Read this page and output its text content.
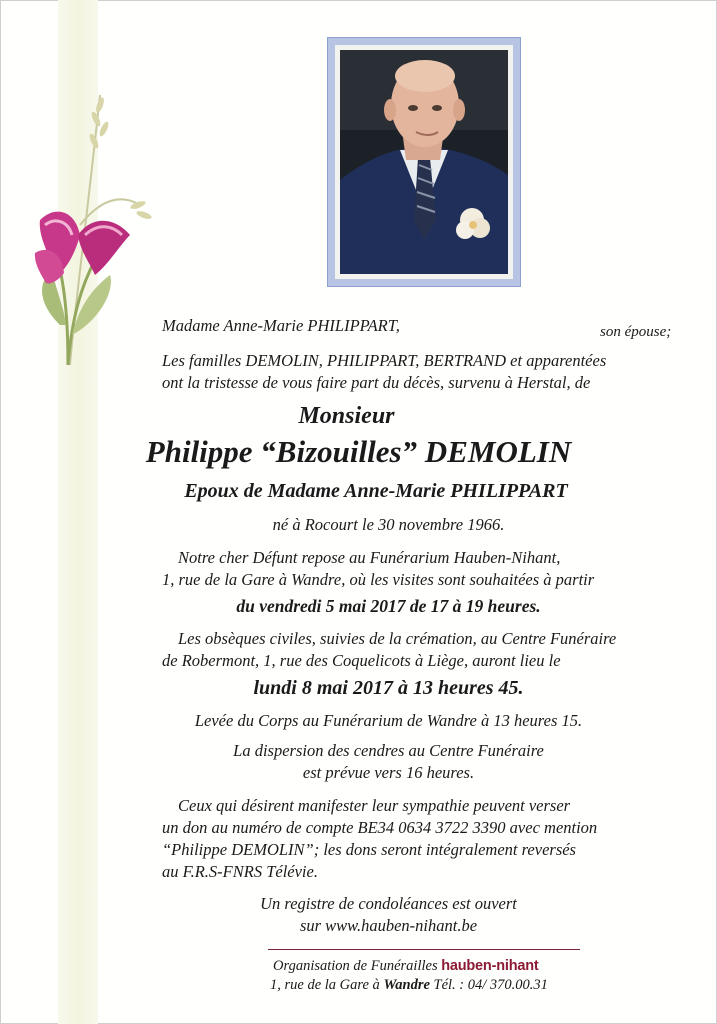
Madame Anne-Marie PHILIPPART,	son épouse;
Les familles DEMOLIN, PHILIPPART, BERTRAND et apparentées
ont la tristesse de vous faire part du décès, survenu à Herstal, de
Monsieur
Philippe “Bizouilles” DEMOLIN
Epoux de Madame Anne-Marie PHILIPPART
né à Rocourt le 30 novembre 1966.
Notre cher Défunt repose au Funérarium Hauben-Nihant,
1, rue de la Gare à Wandre, où les visites sont souhaitées à partir
du vendredi 5 mai 2017 de 17 à 19 heures.
Les obsèques civiles, suivies de la crémation, au Centre Funéraire
de Robermont, 1, rue des Coquelicots à Liège, auront lieu le
lundi 8 mai 2017 à 13 heures 45.
Levée du Corps au Funérarium de Wandre à 13 heures 15.
La dispersion des cendres au Centre Funéraire
est prévue vers 16 heures.
Ceux qui désirent manifester leur sympathie peuvent verser
un don au numéro de compte BE34 0634 3722 3390 avec mention
“Philippe DEMOLIN”; les dons seront intégralement reversés
au F.R.S-FNRS Télévie.
Un registre de condoléances est ouvert
sur www.hauben-nihant.be
Organisation de Funérailles hauben-nihant
1, rue de la Gare à Wandre Tél. : 04/ 370.00.31
